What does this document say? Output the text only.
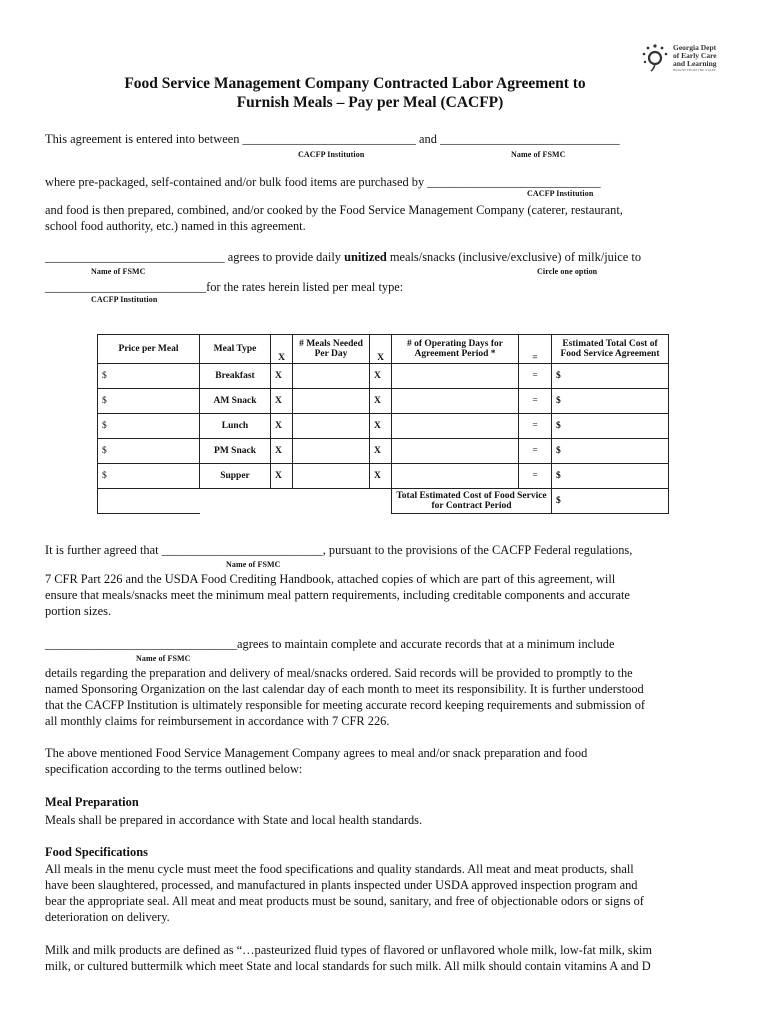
Georgia Dept
of Early Care
and Learning
BRIGHT FROM THE START
Food Service Management Company Contracted Labor Agreement to
Furnish Meals – Pay per Meal (CACFP)
This agreement is entered into between ____________________________ and _____________________________
CACFP Institution	Name of FSMC
where pre-packaged, self-contained and/or bulk food items are purchased by ____________________________
CACFP Institution
and food is then prepared, combined, and/or cooked by the Food Service Management Company (caterer, restaurant,
school food authority, etc.) named in this agreement.
_____________________________ agrees to provide daily unitized meals/snacks (inclusive/exclusive) of milk/juice to
Name of FSMC	Circle one option
__________________________for the rates herein listed per meal type:
CACFP Institution
Price per Meal	Meal Type	X	# Meals Needed Per Day	X	# of Operating Days for Agreement Period *	=	Estimated Total Cost of Food Service Agreement
$	Breakfast	X		X		=	$
$	AM Snack	X		X		=	$
$	Lunch	X		X		=	$
$	PM Snack	X		X		=	$
$	Supper	X		X		=	$
					Total Estimated Cost of Food Service for Contract Period		$
It is further agreed that __________________________, pursuant to the provisions of the CACFP Federal regulations,
Name of FSMC
7 CFR Part 226 and the USDA Food Crediting Handbook, attached copies of which are part of this agreement, will
ensure that meals/snacks meet the minimum meal pattern requirements, including creditable components and accurate
portion sizes.
_______________________________agrees to maintain complete and accurate records that at a minimum include
Name of FSMC
details regarding the preparation and delivery of meal/snacks ordered. Said records will be provided to promptly to the
named Sponsoring Organization on the last calendar day of each month to meet its responsibility. It is further understood
that the CACFP Institution is ultimately responsible for meeting accurate record keeping requirements and submission of
all monthly claims for reimbursement in accordance with 7 CFR 226.
The above mentioned Food Service Management Company agrees to meal and/or snack preparation and food
specification according to the terms outlined below:
Meal Preparation
Meals shall be prepared in accordance with State and local health standards.
Food Specifications
All meals in the menu cycle must meet the food specifications and quality standards. All meat and meat products, shall
have been slaughtered, processed, and manufactured in plants inspected under USDA approved inspection program and
bear the appropriate seal. All meat and meat products must be sound, sanitary, and free of objectionable odors or signs of
deterioration on delivery.
Milk and milk products are defined as “…pasteurized fluid types of flavored or unflavored whole milk, low-fat milk, skim
milk, or cultured buttermilk which meet State and local standards for such milk. All milk should contain vitamins A and D
